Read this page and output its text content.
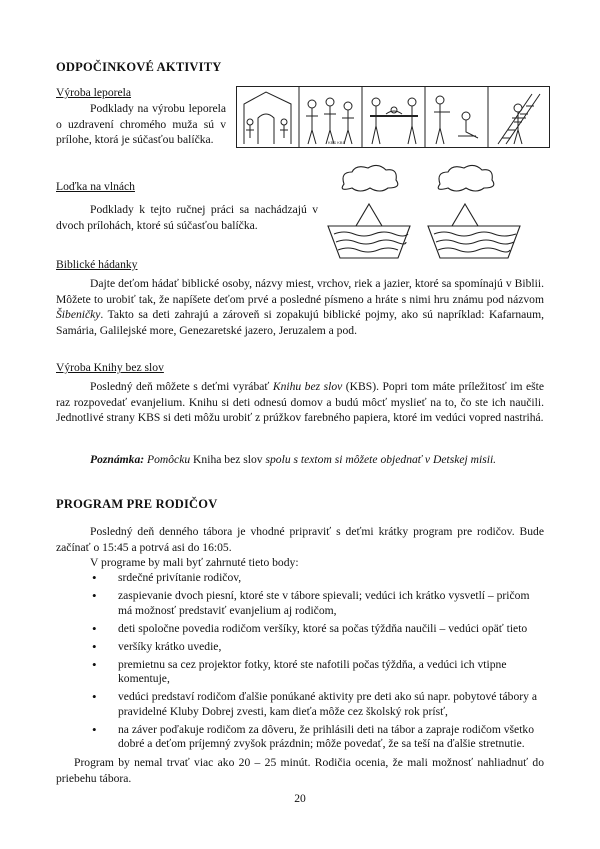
ODPOČINKOVÉ AKTIVITY
Výroba leporela
Podklady na výrobu leporela o uzdravení chromého muža sú v prílohe, ktorá je súčasťou balíčka.	KBS KBS
Loďka na vlnách
Podklady k tejto ručnej práci sa nachádzajú v dvoch prílohách, ktoré sú súčasťou balíčka.
Biblické hádanky
Dajte deťom hádať biblické osoby, názvy miest, vrchov, riek a jazier, ktoré sa spomínajú v Biblii. Môžete to urobiť tak, že napíšete deťom prvé a posledné písmeno a hráte s nimi hru známu pod názvom Šibeničky. Takto sa deti zahrajú a zároveň si zopakujú biblické pojmy, ako sú napríklad: Kafarnaum, Samária, Galilejské more, Genezaretské jazero, Jeruzalem a pod.
Výroba Knihy bez slov
Posledný deň môžete s deťmi vyrábať Knihu bez slov (KBS). Popri tom máte príležitosť im ešte raz rozpovedať evanjelium. Knihu si deti odnesú domov a budú môcť myslieť na to, čo ste ich naučili. Jednotlivé strany KBS si deti môžu urobiť z prúžkov farebného papiera, ktoré im vedúci vopred nastrihá.
Poznámka: Pomôcku Kniha bez slov spolu s textom si môžete objednať v Detskej misii.
PROGRAM PRE RODIČOV
Posledný deň denného tábora je vhodné pripraviť s deťmi krátky program pre rodičov. Bude začínať o 15:45 a potrvá asi do 16:05.
V programe by mali byť zahrnuté tieto body:
• srdečné privítanie rodičov,
• zaspievanie dvoch piesní, ktoré ste v tábore spievali; vedúci ich krátko vysvetlí – pričom má možnosť predstaviť evanjelium aj rodičom,
• deti spoločne povedia rodičom veršíky, ktoré sa počas týždňa naučili – vedúci opäť tieto
• veršíky krátko uvedie,
• premietnu sa cez projektor fotky, ktoré ste nafotili počas týždňa, a vedúci ich vtipne komentuje,
• vedúci predstaví rodičom ďalšie ponúkané aktivity pre deti ako sú napr. pobytové tábory a pravidelné Kluby Dobrej zvesti, kam dieťa môže cez školský rok prísť,
• na záver poďakuje rodičom za dôveru, že prihlásili deti na tábor a zapraje rodičom všetko dobré a deťom príjemný zvyšok prázdnin; môže povedať, že sa teší na ďalšie stretnutie.
Program by nemal trvať viac ako 20 – 25 minút. Rodičia ocenia, že mali možnosť nahliadnuť do priebehu tábora.
20
